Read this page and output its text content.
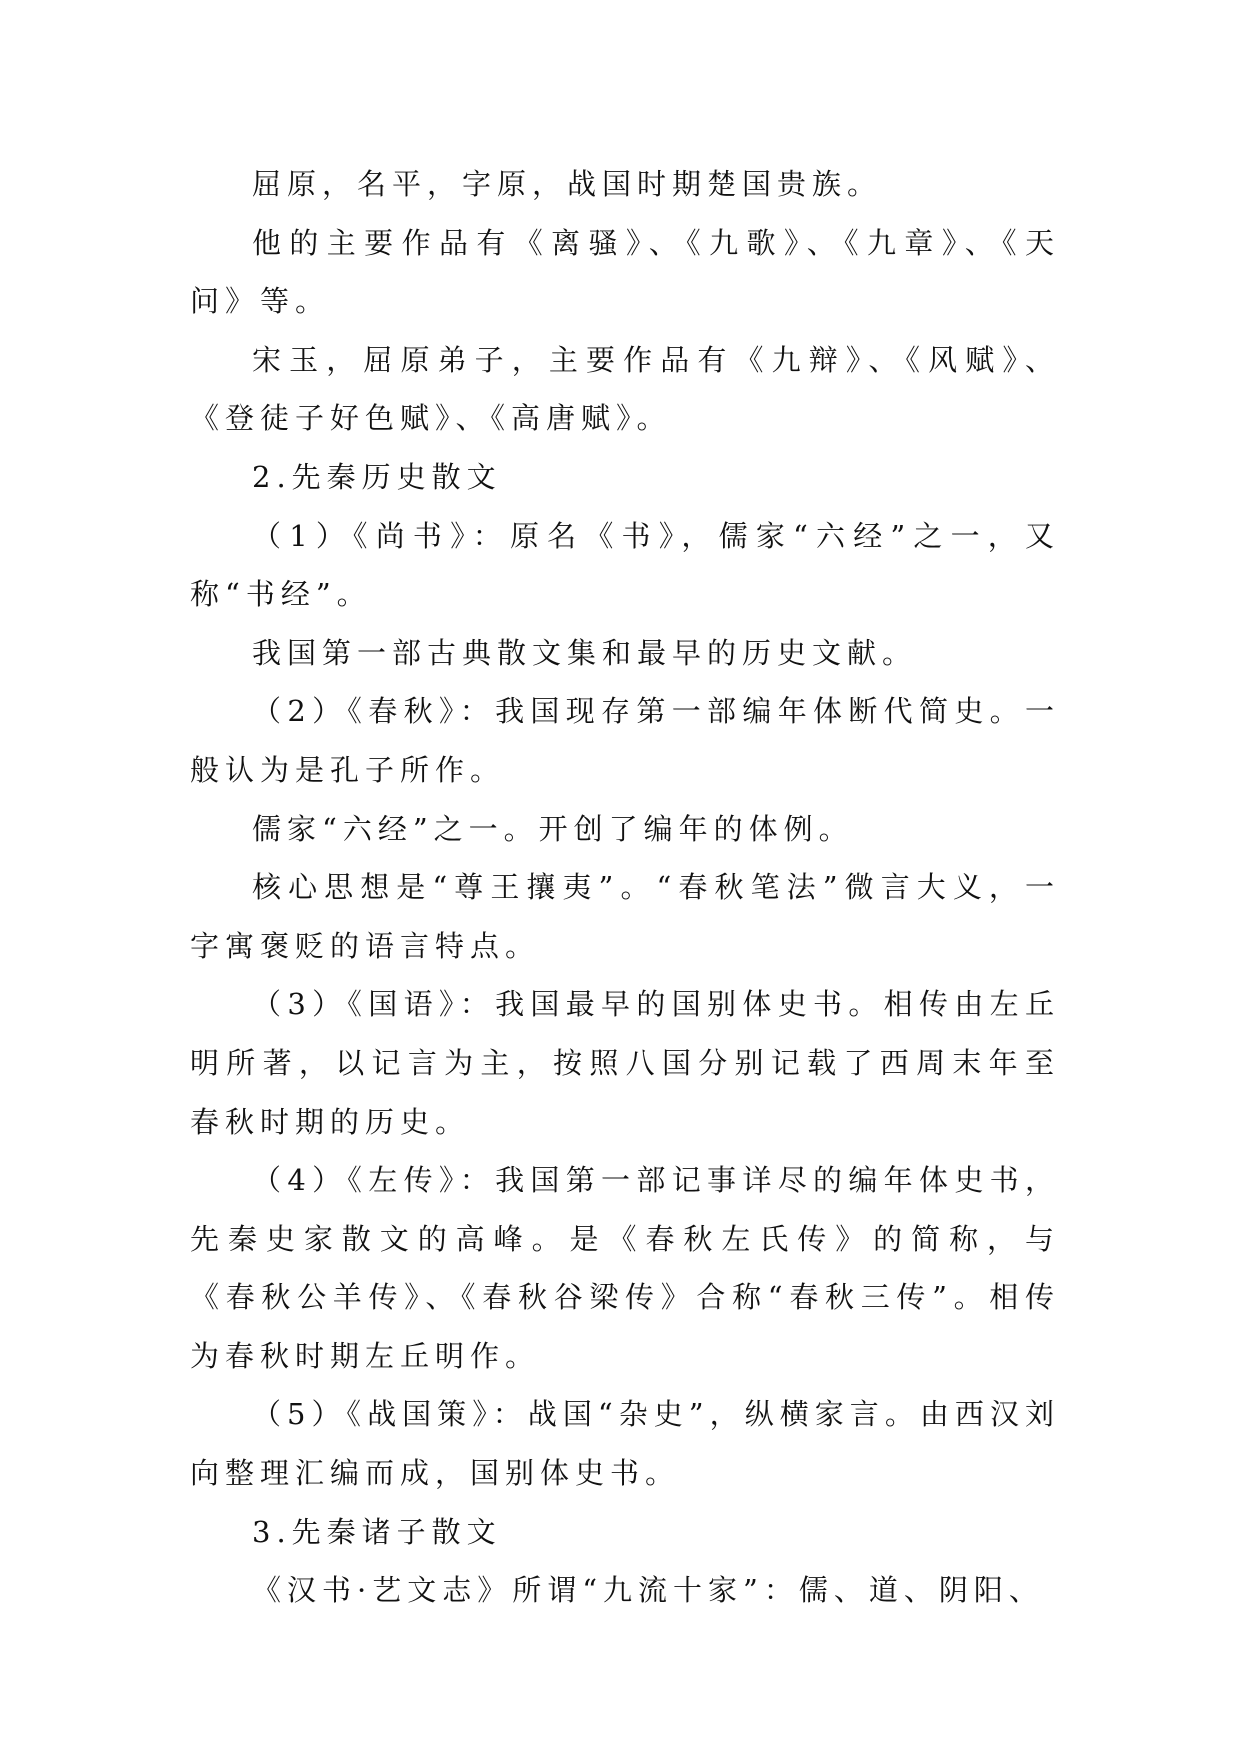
屈原，名平，字原，战国时期楚国贵族。

他的主要作品有《离骚》、《九歌》、《九章》、《天问》等。

宋玉，屈原弟子，主要作品有《九辩》、《风赋》、《登徒子好色赋》、《高唐赋》。

2.先秦历史散文

（1）《尚书》：原名《书》，儒家“六经”之一，又称“书经”。

我国第一部古典散文集和最早的历史文献。

（2）《春秋》：我国现存第一部编年体断代简史。一般认为是孔子所作。

儒家“六经”之一。开创了编年的体例。

核心思想是“尊王攘夷”。“春秋笔法”微言大义，一字寓褒贬的语言特点。

（3）《国语》：我国最早的国别体史书。相传由左丘明所著，以记言为主，按照八国分别记载了西周末年至春秋时期的历史。

（4）《左传》：我国第一部记事详尽的编年体史书，先秦史家散文的高峰。是《春秋左氏传》的简称，与《春秋公羊传》、《春秋谷梁传》合称“春秋三传”。相传为春秋时期左丘明作。

（5）《战国策》：战国“杂史”，纵横家言。由西汉刘向整理汇编而成，国别体史书。

3.先秦诸子散文

《汉书·艺文志》所谓“九流十家”：儒、道、阴阳、
